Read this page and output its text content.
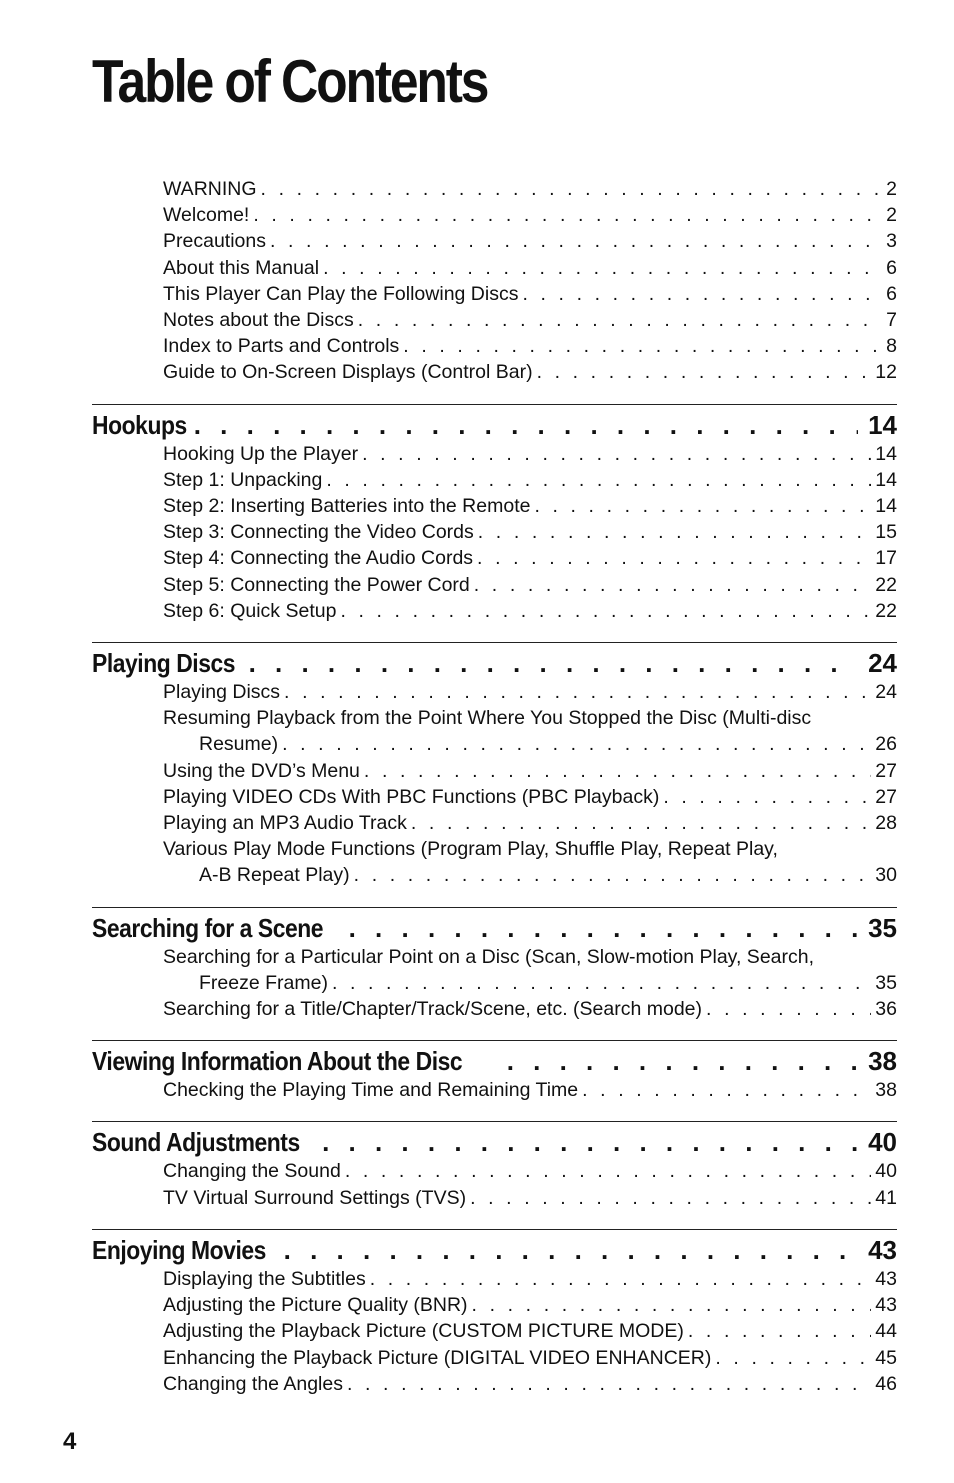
Table of Contents
WARNING . . .	2
Welcome! . . .	2
Precautions . . .	3
About this Manual . . .	6
This Player Can Play the Following Discs . . .	6
Notes about the Discs . . .	7
Index to Parts and Controls . . .	8
Guide to On-Screen Displays (Control Bar) . . .	12
Hookups . . .	14
Hooking Up the Player . . .	14
Step 1: Unpacking . . .	14
Step 2: Inserting Batteries into the Remote . . .	14
Step 3: Connecting the Video Cords . . .	15
Step 4: Connecting the Audio Cords . . .	17
Step 5: Connecting the Power Cord . . .	22
Step 6: Quick Setup . . .	22
Playing Discs . . .	24
Playing Discs . . .	24
Resuming Playback from the Point Where You Stopped the Disc (Multi-disc
Resume) . . .	26
Using the DVD’s Menu . . .	27
Playing VIDEO CDs With PBC Functions (PBC Playback) . . .	27
Playing an MP3 Audio Track . . .	28
Various Play Mode Functions (Program Play, Shuffle Play, Repeat Play,
A-B Repeat Play) . . .	30
Searching for a Scene . . .	35
Searching for a Particular Point on a Disc (Scan, Slow-motion Play, Search,
Freeze Frame) . . .	35
Searching for a Title/Chapter/Track/Scene, etc. (Search mode) . . .	36
Viewing Information About the Disc . . .	38
Checking the Playing Time and Remaining Time . . .	38
Sound Adjustments . . .	40
Changing the Sound . . .	40
TV Virtual Surround Settings (TVS) . . .	41
Enjoying Movies . . .	43
Displaying the Subtitles . . .	43
Adjusting the Picture Quality (BNR) . . .	43
Adjusting the Playback Picture (CUSTOM PICTURE MODE) . . .	44
Enhancing the Playback Picture (DIGITAL VIDEO ENHANCER) . . .	45
Changing the Angles . . .	46
4
